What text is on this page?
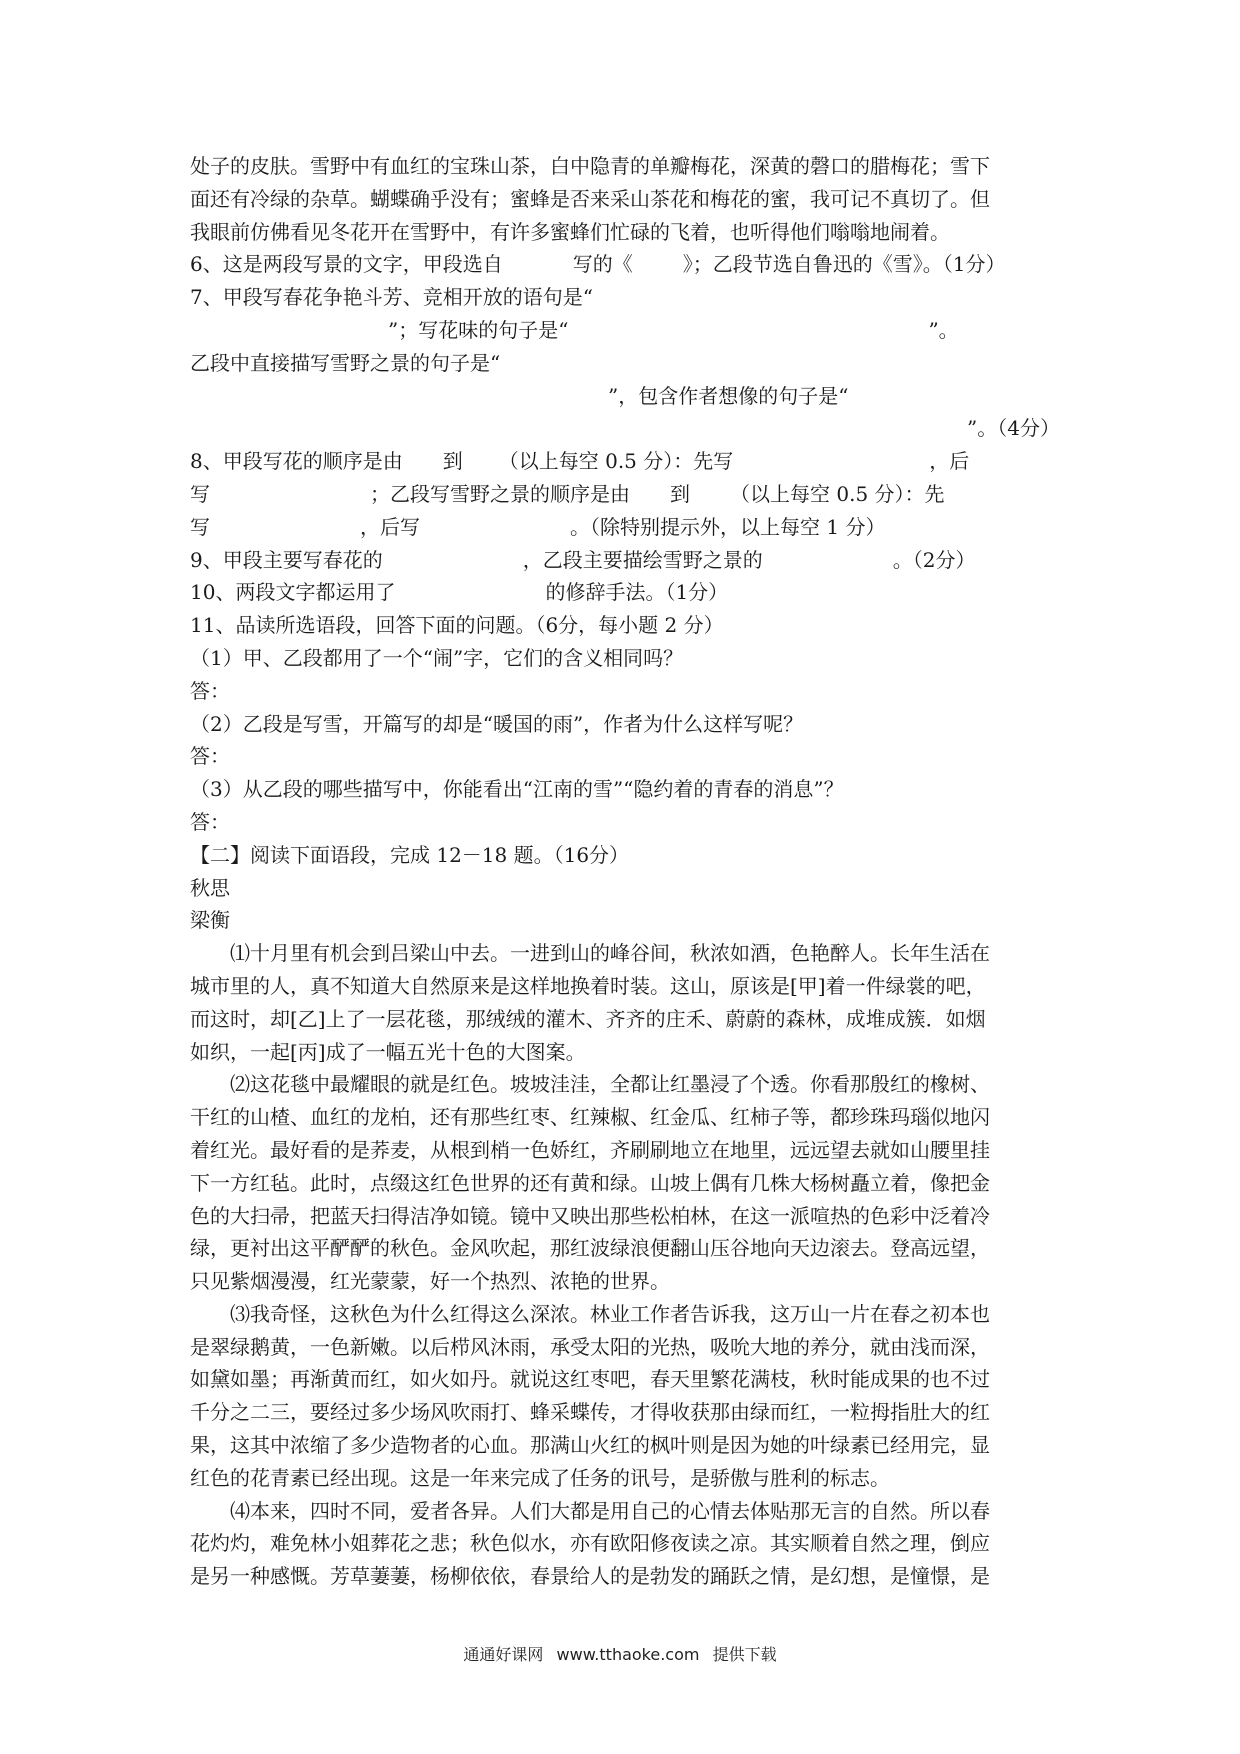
处子的皮肤。雪野中有血红的宝珠山茶，白中隐青的单瓣梅花，深黄的磬口的腊梅花；雪下
面还有冷绿的杂草。蝴蝶确乎没有；蜜蜂是否来采山茶花和梅花的蜜，我可记不真切了。但
我眼前仿佛看见冬花开在雪野中，有许多蜜蜂们忙碌的飞着，也听得他们嗡嗡地闹着。
6、这是两段写景的文字，甲段选自	写的《	》；乙段节选自鲁迅的《雪》。（1分）
7、甲段写春花争艳斗芳、竞相开放的语句是“
”；写花味的句子是“	”。
乙段中直接描写雪野之景的句子是“
”，包含作者想像的句子是“
”。（4分）
8、甲段写花的顺序是由 到 （以上每空 0.5 分）：先写	，后
写	；乙段写雪野之景的顺序是由 到 （以上每空 0.5 分）：先
写	，后写	。（除特别提示外，以上每空 1 分）
9、甲段主要写春花的	，乙段主要描绘雪野之景的	。（2分）
10、两段文字都运用了	的修辞手法。（1分）
11、品读所选语段，回答下面的问题。（6分，每小题 2 分）
（1）甲、乙段都用了一个“闹”字，它们的含义相同吗？
答：
（2）乙段是写雪，开篇写的却是“暖国的雨”，作者为什么这样写呢？
答：
（3）从乙段的哪些描写中，你能看出“江南的雪”“隐约着的青春的消息”？
答：
【二】阅读下面语段，完成 12－18 题。（16分）
秋思
梁衡
⑴十月里有机会到吕梁山中去。一进到山的峰谷间，秋浓如酒，色艳醉人。长年生活在
城市里的人，真不知道大自然原来是这样地换着时装。这山，原该是[甲]着一件绿裳的吧，
而这时，却[乙]上了一层花毯，那绒绒的灌木、齐齐的庄禾、蔚蔚的森林，成堆成簇．如烟
如织，一起[丙]成了一幅五光十色的大图案。
⑵这花毯中最耀眼的就是红色。坡坡洼洼，全都让红墨浸了个透。你看那殷红的橡树、
干红的山楂、血红的龙柏，还有那些红枣、红辣椒、红金瓜、红柿子等，都珍珠玛瑙似地闪
着红光。最好看的是荞麦，从根到梢一色娇红，齐刷刷地立在地里，远远望去就如山腰里挂
下一方红毡。此时，点缀这红色世界的还有黄和绿。山坡上偶有几株大杨树矗立着，像把金
色的大扫帚，把蓝天扫得洁净如镜。镜中又映出那些松柏林，在这一派喧热的色彩中泛着冷
绿，更衬出这平酽酽的秋色。金风吹起，那红波绿浪便翻山压谷地向天边滚去。登高远望，
只见紫烟漫漫，红光蒙蒙，好一个热烈、浓艳的世界。
⑶我奇怪，这秋色为什么红得这么深浓。林业工作者告诉我，这万山一片在春之初本也
是翠绿鹅黄，一色新嫩。以后栉风沐雨，承受太阳的光热，吸吮大地的养分，就由浅而深，
如黛如墨；再渐黄而红，如火如丹。就说这红枣吧，春天里繁花满枝，秋时能成果的也不过
千分之二三，要经过多少场风吹雨打、蜂采蝶传，才得收获那由绿而红，一粒拇指肚大的红
果，这其中浓缩了多少造物者的心血。那满山火红的枫叶则是因为她的叶绿素已经用完，显
红色的花青素已经出现。这是一年来完成了任务的讯号，是骄傲与胜利的标志。
⑷本来，四时不同，爱者各异。人们大都是用自己的心情去体贴那无言的自然。所以春
花灼灼，难免林小姐葬花之悲；秋色似水，亦有欧阳修夜读之凉。其实顺着自然之理，倒应
是另一种感慨。芳草萋萋，杨柳依依，春景给人的是勃发的踊跃之情，是幻想，是憧憬，是
通通好课网 www.tthaoke.com 提供下载
